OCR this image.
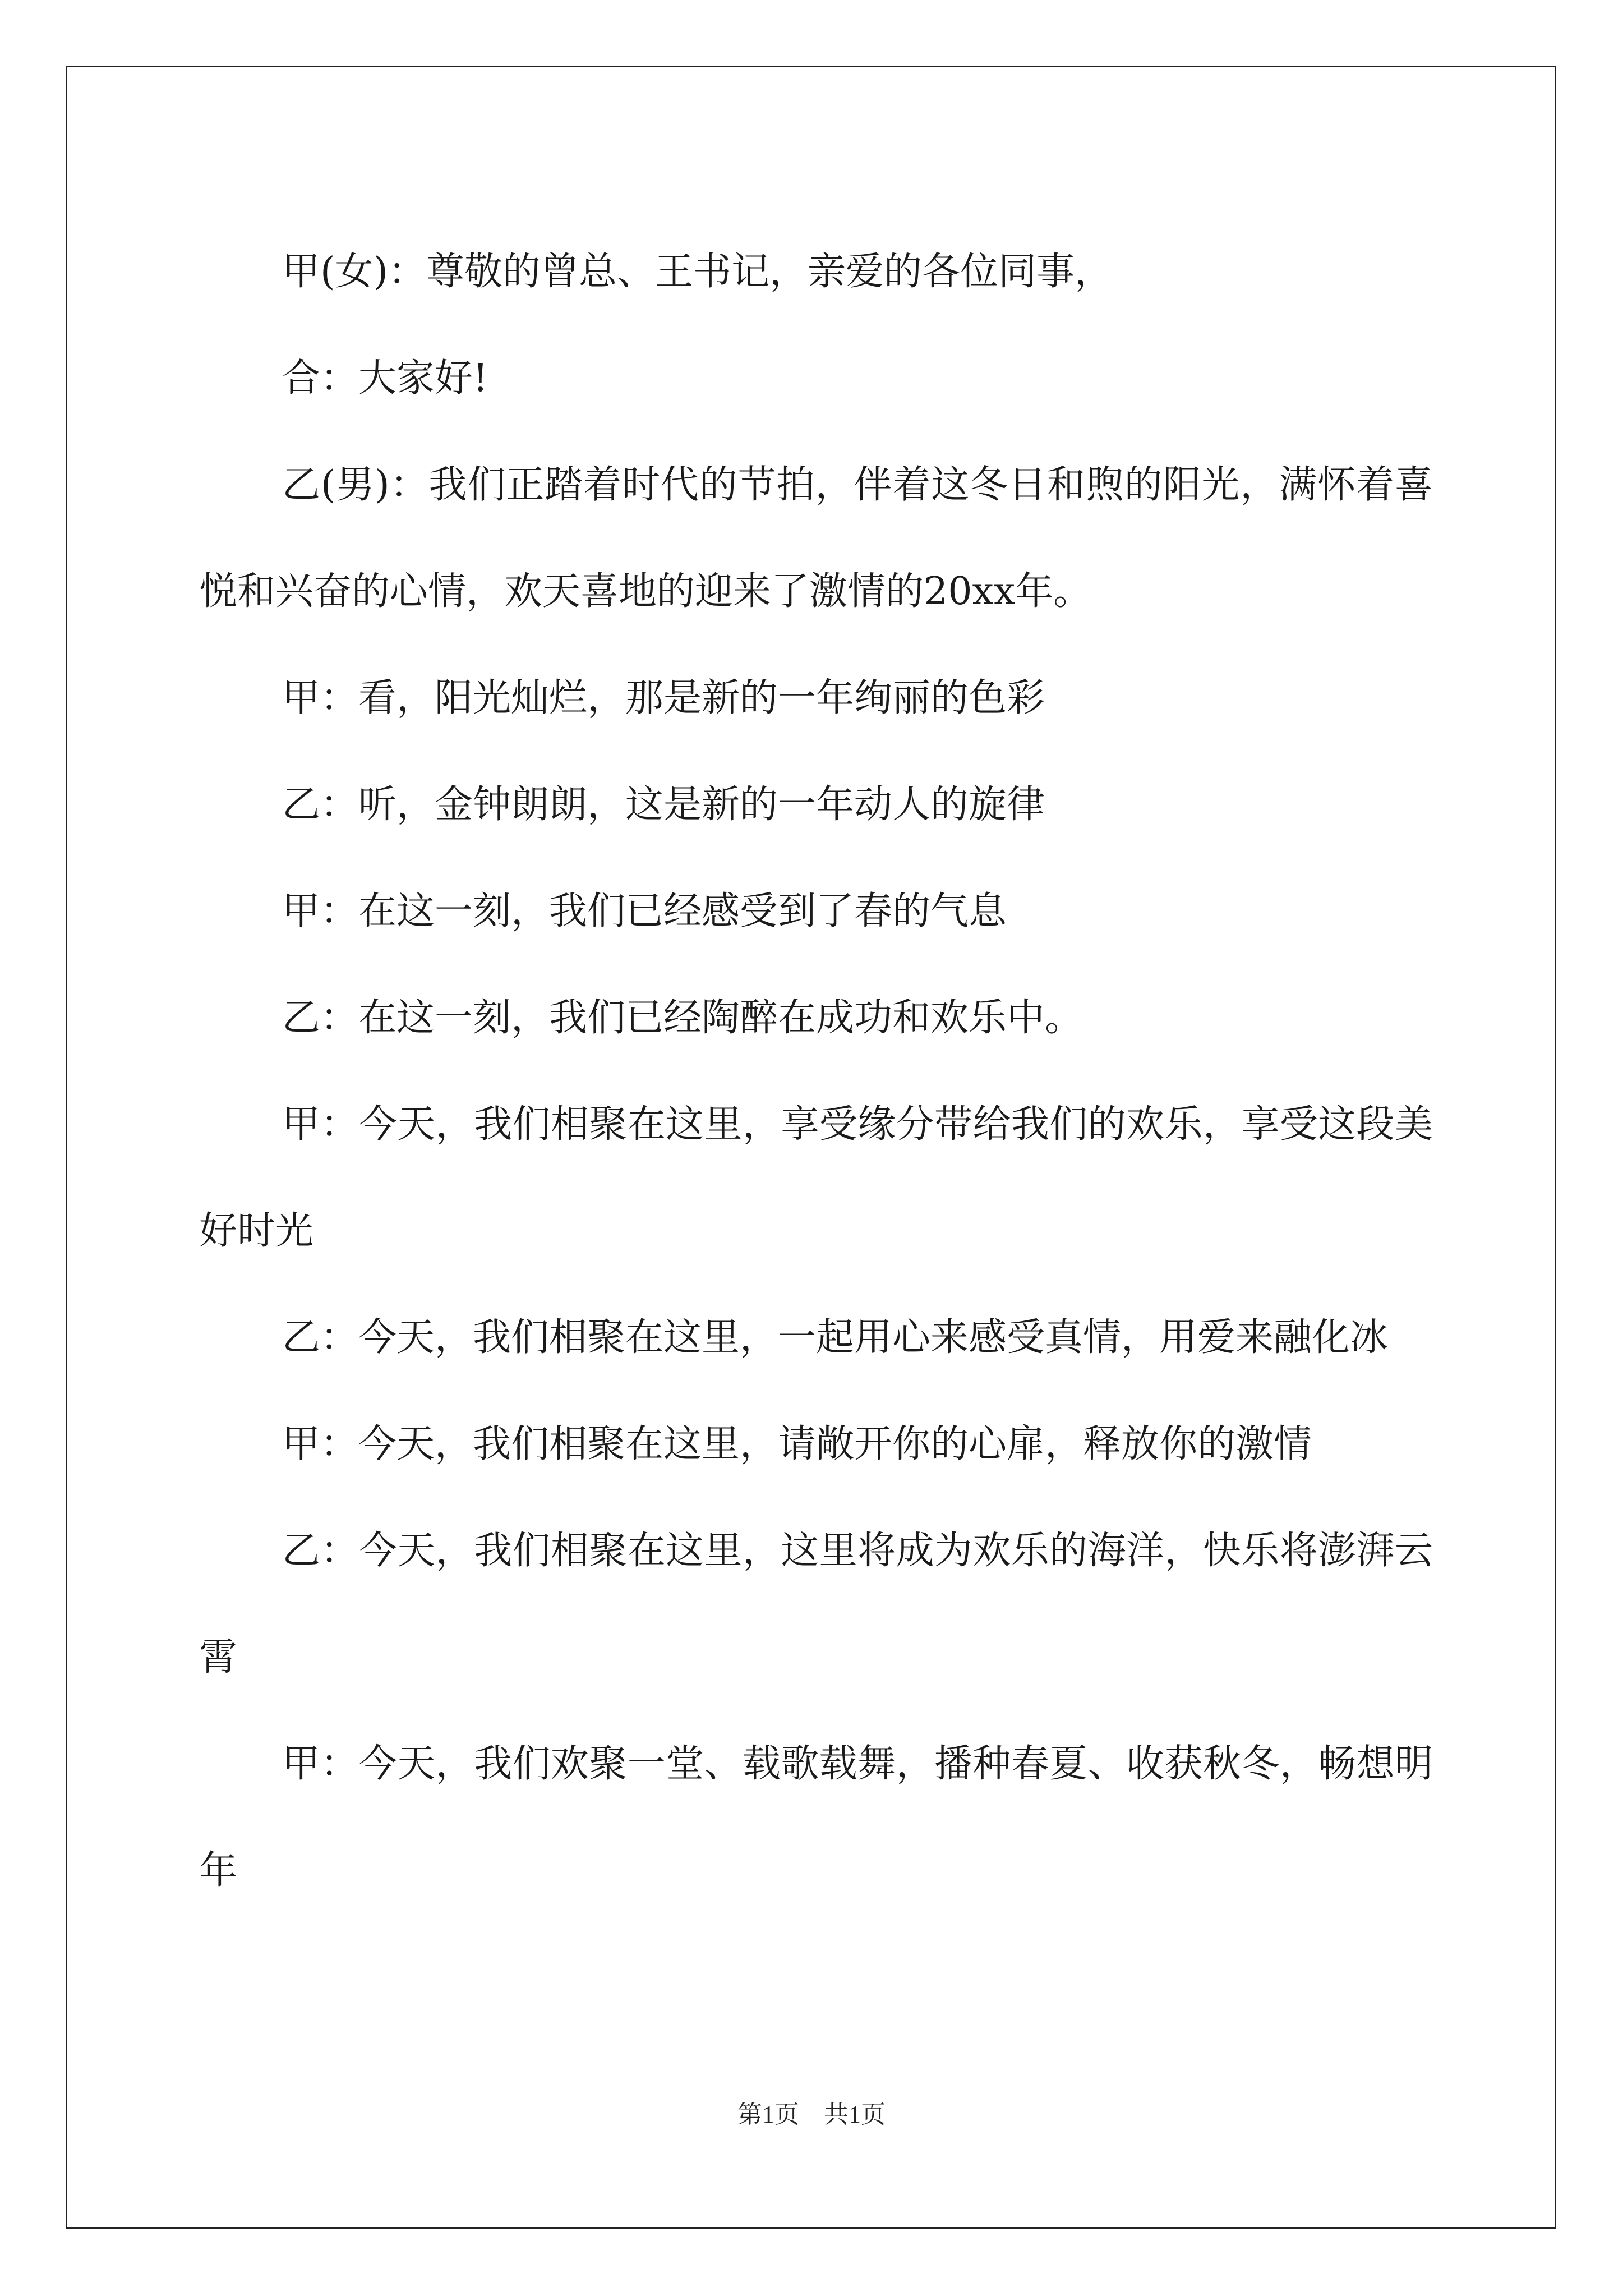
甲(女)：尊敬的曾总、王书记，亲爱的各位同事，

合：大家好!

乙(男)：我们正踏着时代的节拍，伴着这冬日和煦的阳光，满怀着喜悦和兴奋的心情，欢天喜地的迎来了激情的20xx年。

甲：看，阳光灿烂，那是新的一年绚丽的色彩

乙：听，金钟朗朗，这是新的一年动人的旋律

甲：在这一刻，我们已经感受到了春的气息

乙：在这一刻，我们已经陶醉在成功和欢乐中。

甲：今天，我们相聚在这里，享受缘分带给我们的欢乐，享受这段美好时光

乙：今天，我们相聚在这里，一起用心来感受真情，用爱来融化冰

甲：今天，我们相聚在这里，请敞开你的心扉，释放你的激情

乙：今天，我们相聚在这里，这里将成为欢乐的海洋，快乐将澎湃云霄

甲：今天，我们欢聚一堂、载歌载舞，播种春夏、收获秋冬，畅想明年

第1页　共1页
